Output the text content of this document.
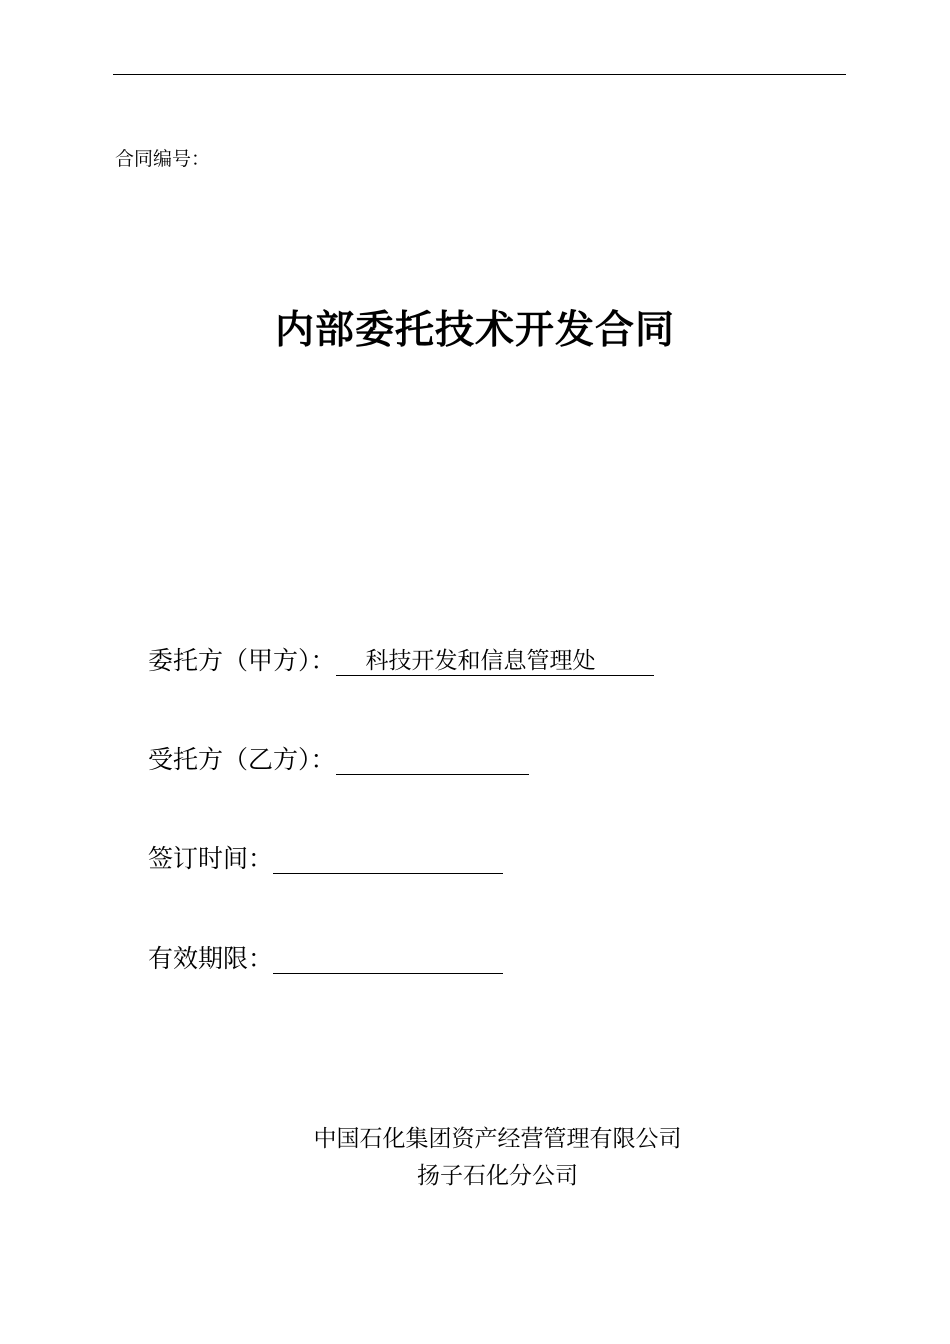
合同编号：
内部委托技术开发合同
委托方（甲方）：	科技开发和信息管理处
受托方（乙方）：
签订时间：
有效期限：
中国石化集团资产经营管理有限公司
扬子石化分公司
